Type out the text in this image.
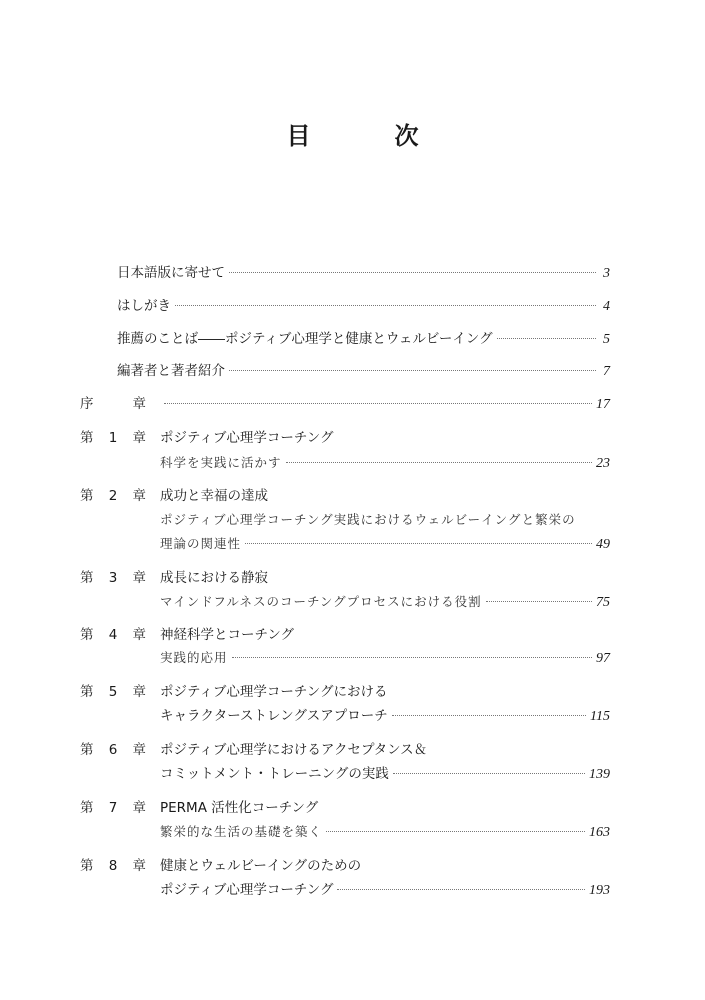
目　次
日本語版に寄せて	3
はしがき	4
推薦のことば――ポジティブ心理学と健康とウェルビーイング	5
編著者と著者紹介	7
序	章	17
第 1 章 ポジティブ心理学コーチング
科学を実践に活かす	23
第 2 章 成功と幸福の達成
ポジティブ心理学コーチング実践におけるウェルビーイングと繁栄の
理論の関連性	49
第 3 章 成長における静寂
マインドフルネスのコーチングプロセスにおける役割	75
第 4 章 神経科学とコーチング
実践的応用	97
第 5 章 ポジティブ心理学コーチングにおける
キャラクターストレングスアプローチ	115
第 6 章 ポジティブ心理学におけるアクセプタンス＆
コミットメント・トレーニングの実践	139
第 7 章 PERMA 活性化コーチング
繁栄的な生活の基礎を築く	163
第 8 章 健康とウェルビーイングのための
ポジティブ心理学コーチング	193
